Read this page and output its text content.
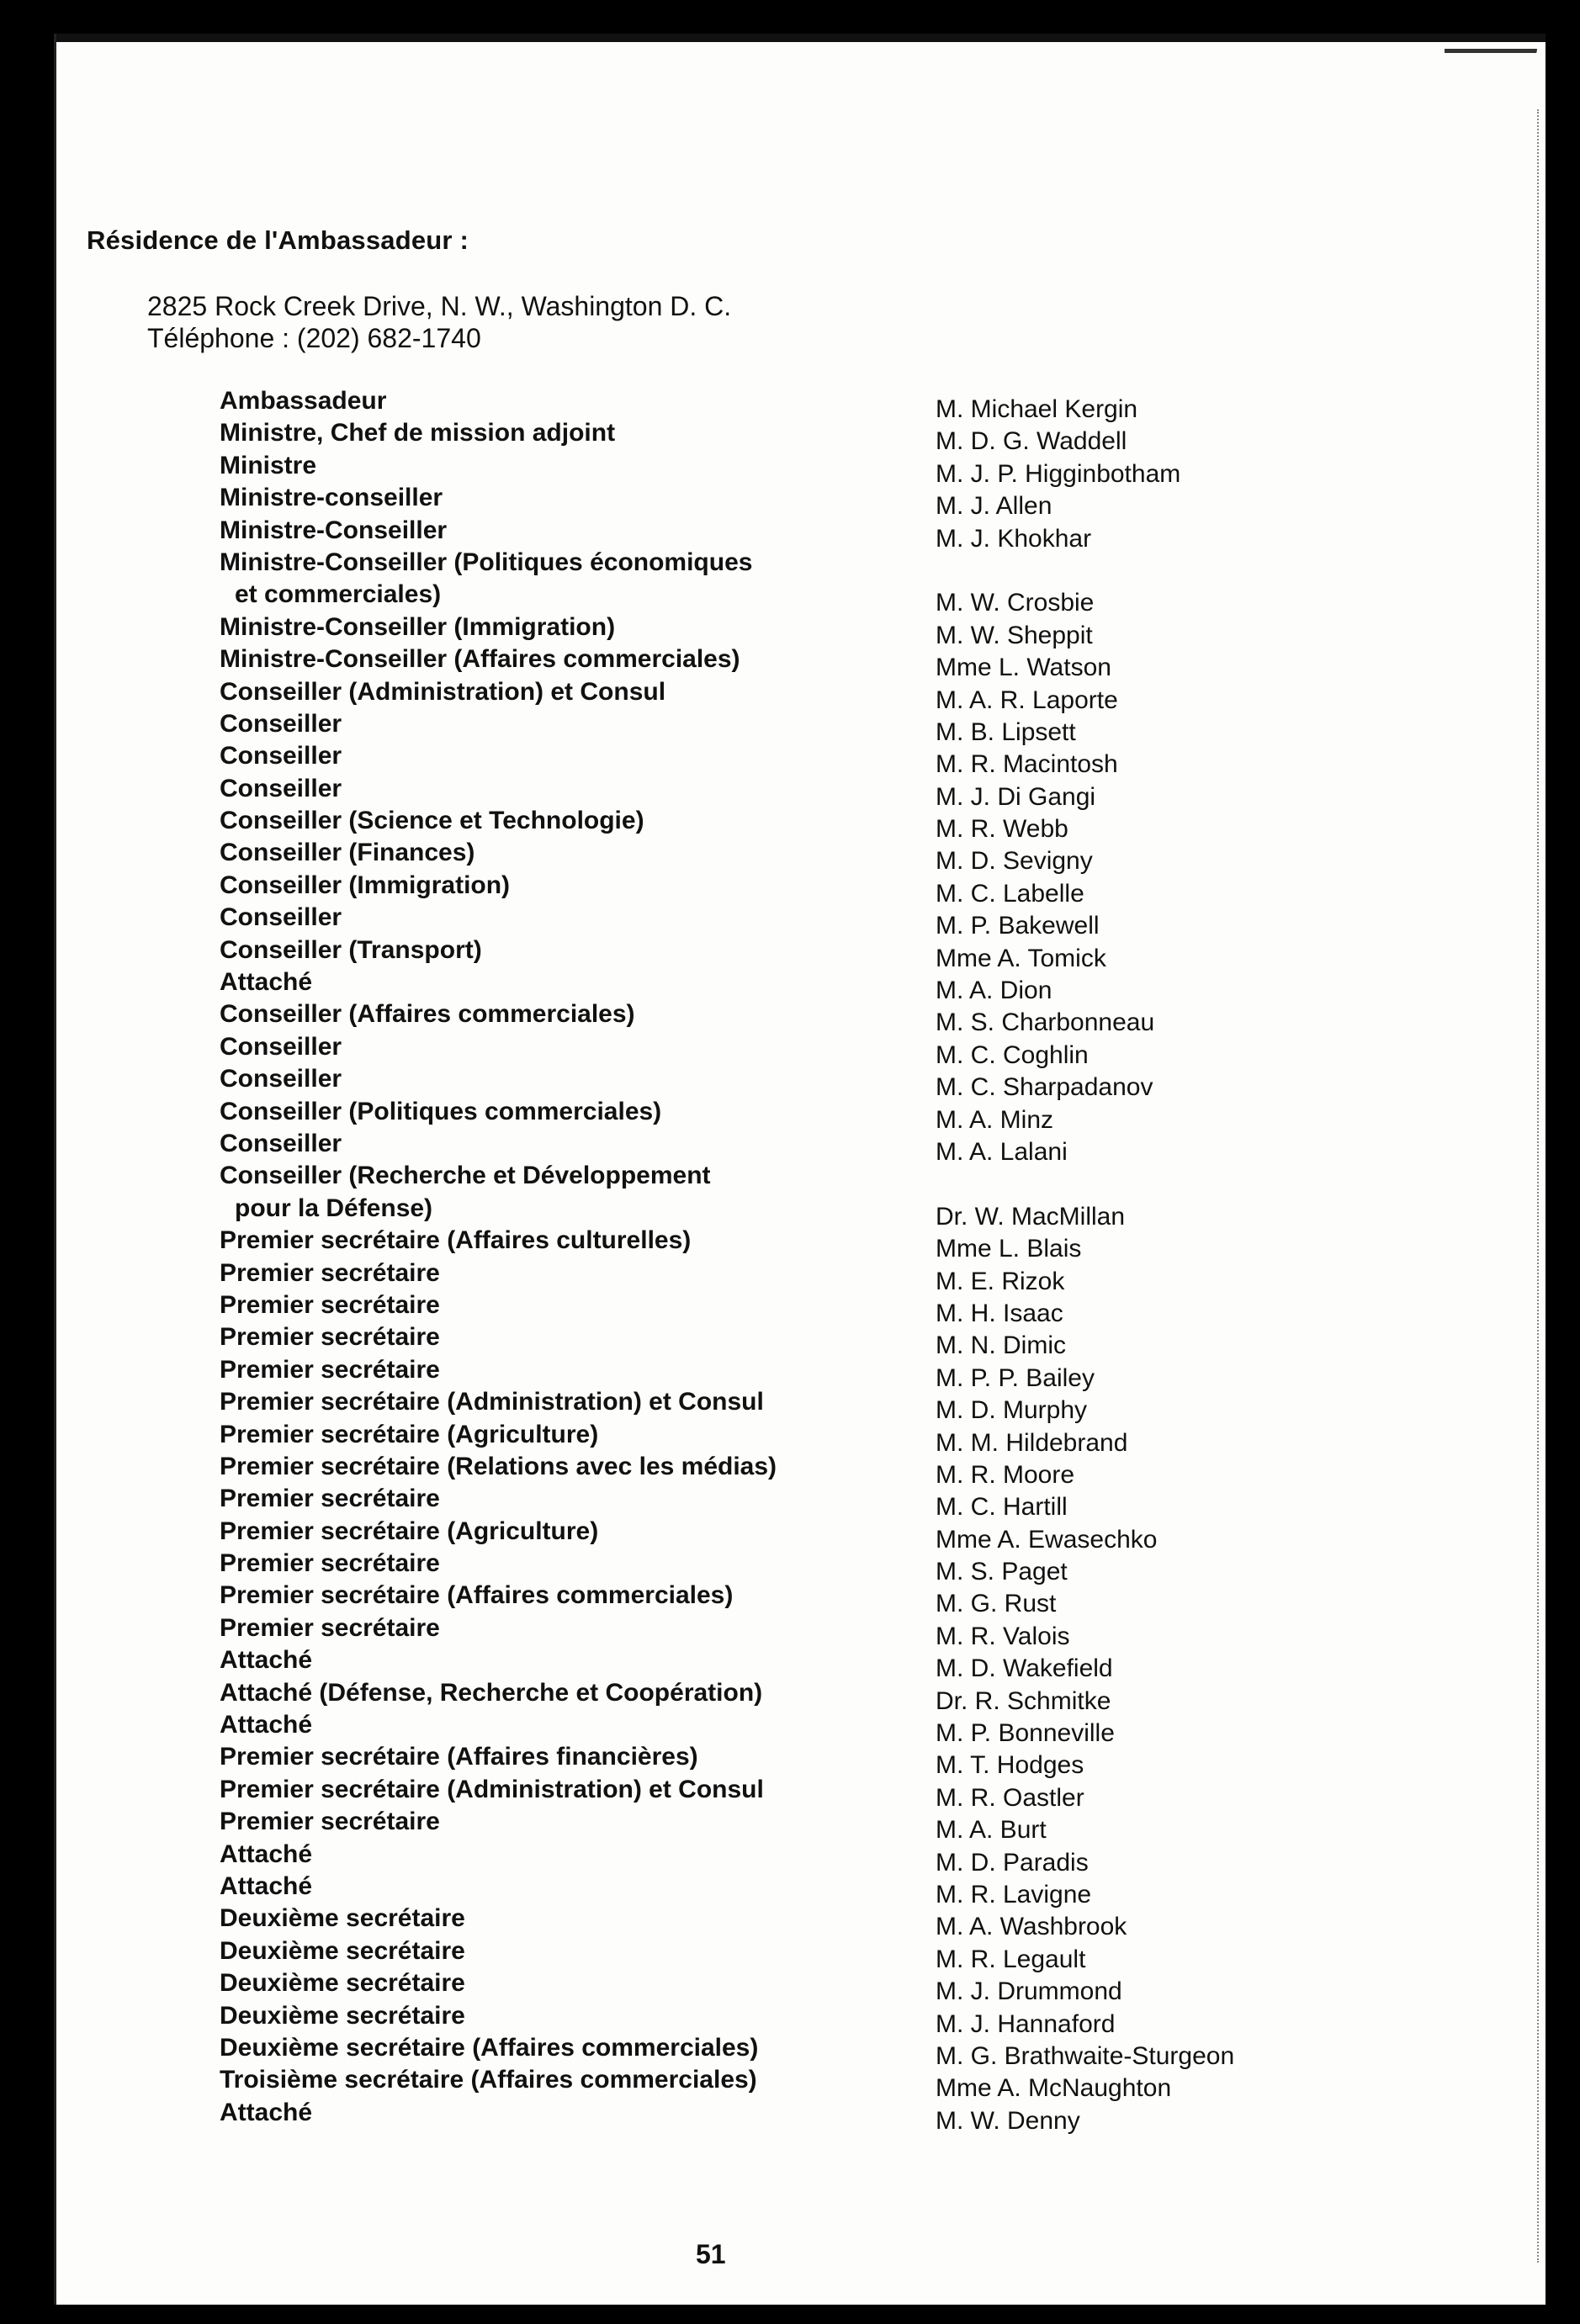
Résidence de l'Ambassadeur :
2825 Rock Creek Drive, N. W., Washington D. C.
Téléphone : (202) 682-1740
Ambassadeur
Ministre, Chef de mission adjoint
Ministre
Ministre-conseiller
Ministre-Conseiller
Ministre-Conseiller (Politiques économiques
et commerciales)
Ministre-Conseiller (Immigration)
Ministre-Conseiller (Affaires commerciales)
Conseiller (Administration) et Consul
Conseiller
Conseiller
Conseiller
Conseiller (Science et Technologie)
Conseiller (Finances)
Conseiller (Immigration)
Conseiller
Conseiller (Transport)
Attaché
Conseiller (Affaires commerciales)
Conseiller
Conseiller
Conseiller (Politiques commerciales)
Conseiller
Conseiller (Recherche et Développement
pour la Défense)
Premier secrétaire (Affaires culturelles)
Premier secrétaire
Premier secrétaire
Premier secrétaire
Premier secrétaire
Premier secrétaire (Administration) et Consul
Premier secrétaire (Agriculture)
Premier secrétaire (Relations avec les médias)
Premier secrétaire
Premier secrétaire (Agriculture)
Premier secrétaire
Premier secrétaire (Affaires commerciales)
Premier secrétaire
Attaché
Attaché (Défense, Recherche et Coopération)
Attaché
Premier secrétaire (Affaires financières)
Premier secrétaire (Administration) et Consul
Premier secrétaire
Attaché
Attaché
Deuxième secrétaire
Deuxième secrétaire
Deuxième secrétaire
Deuxième secrétaire
Deuxième secrétaire (Affaires commerciales)
Troisième secrétaire (Affaires commerciales)
Attaché
M. Michael Kergin
M. D. G. Waddell
M. J. P. Higginbotham
M. J. Allen
M. J. Khokhar
M. W. Crosbie
M. W. Sheppit
Mme L. Watson
M. A. R. Laporte
M. B. Lipsett
M. R. Macintosh
M. J. Di Gangi
M. R. Webb
M. D. Sevigny
M. C. Labelle
M. P. Bakewell
Mme A. Tomick
M. A. Dion
M. S. Charbonneau
M. C. Coghlin
M. C. Sharpadanov
M. A. Minz
M. A. Lalani
Dr. W. MacMillan
Mme L. Blais
M. E. Rizok
M. H. Isaac
M. N. Dimic
M. P. P. Bailey
M. D. Murphy
M. M. Hildebrand
M. R. Moore
M. C. Hartill
Mme A. Ewasechko
M. S. Paget
M. G. Rust
M. R. Valois
M. D. Wakefield
Dr. R. Schmitke
M. P. Bonneville
M. T. Hodges
M. R. Oastler
M. A. Burt
M. D. Paradis
M. R. Lavigne
M. A. Washbrook
M. R. Legault
M. J. Drummond
M. J. Hannaford
M. G. Brathwaite-Sturgeon
Mme A. McNaughton
M. W. Denny
51
